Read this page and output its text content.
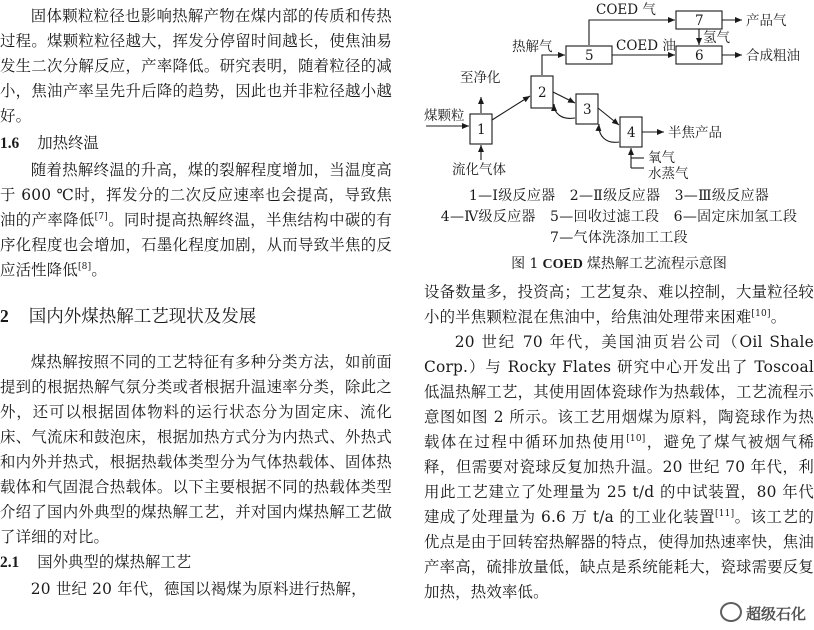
固体颗粒粒径也影响热解产物在煤内部的传质和传热过程。煤颗粒粒径越大，挥发分停留时间越长，使焦油易发生二次分解反应，产率降低。研究表明，随着粒径的减小，焦油产率呈先升后降的趋势，因此也并非粒径越小越好。

1.6 加热终温

随着热解终温的升高，煤的裂解程度增加，当温度高于 600 ℃时，挥发分的二次反应速率也会提高，导致焦油的产率降低[7]。同时提高热解终温，半焦结构中碳的有序化程度也会增加，石墨化程度加剧，从而导致半焦的反应活性降低[8]。

2 国内外煤热解工艺现状及发展

煤热解按照不同的工艺特征有多种分类方法，如前面提到的根据热解气氛分类或者根据升温速率分类，除此之外，还可以根据固体物料的运行状态分为固定床、流化床、气流床和鼓泡床，根据加热方式分为内热式、外热式和内外并热式，根据热载体类型分为气体热载体、固体热载体和气固混合热载体。以下主要根据不同的热载体类型介绍了国内外典型的煤热解工艺，并对国内煤热解工艺做了详细的对比。

2.1 国外典型的煤热解工艺

20 世纪 20 年代，德国以褐煤为原料进行热解，

1
2
3
4
5	6
7
COED 气
COED 油
热解气
至净化
煤颗粒
流化气体
产品气
氢气
合成粗油
半焦产品
氧气
水蒸气

1—Ⅰ级反应器　2—Ⅱ级反应器　3—Ⅲ级反应器

4—Ⅳ级反应器　5—回收过滤工段　6—固定床加氢工段

7—气体洗涤加工工段

图 1 COED 煤热解工艺流程示意图

设备数量多，投资高；工艺复杂、难以控制，大量粒径较小的半焦颗粒混在焦油中，给焦油处理带来困难[10]。

20 世纪 70 年代，美国油页岩公司（Oil Shale Corp.）与 Rocky Flates 研究中心开发出了 Toscoal 低温热解工艺，其使用固体瓷球作为热载体，工艺流程示意图如图 2 所示。该工艺用烟煤为原料，陶瓷球作为热载体在过程中循环加热使用[10]，避免了煤气被烟气稀释，但需要对瓷球反复加热升温。20 世纪 70 年代，利用此工艺建立了处理量为 25 t/d 的中试装置，80 年代建成了处理量为 6.6 万 t/a 的工业化装置[11]。该工艺的优点是由于回转窑热解器的特点，使得加热速率快，焦油产率高，硫排放量低，缺点是系统能耗大，瓷球需要反复加热，热效率低。

超级石化
